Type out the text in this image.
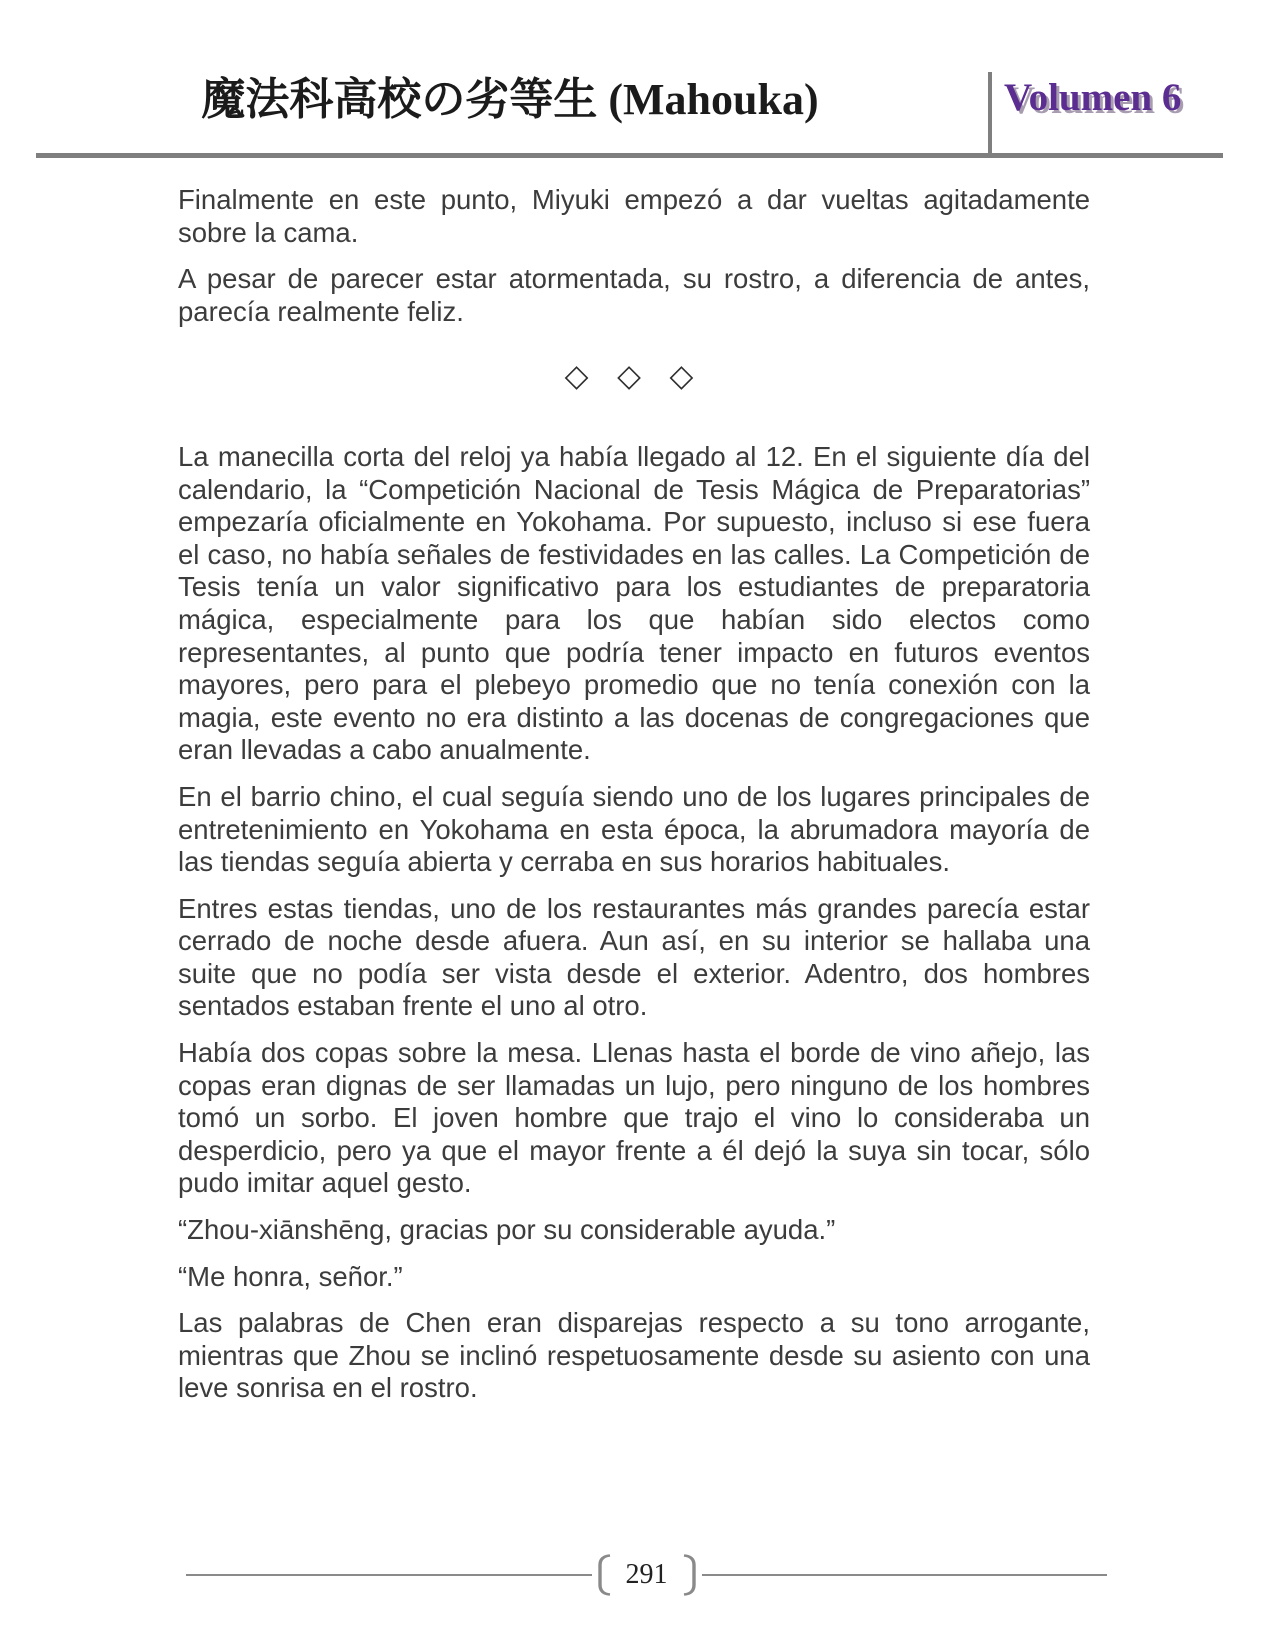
魔法科高校の劣等生 (Mahouka)	Volumen 6

Finalmente en este punto, Miyuki empezó a dar vueltas agitadamente sobre la cama.

A pesar de parecer estar atormentada, su rostro, a diferencia de antes, parecía realmente feliz.

◇ ◇ ◇

La manecilla corta del reloj ya había llegado al 12. En el siguiente día del calendario, la “Competición Nacional de Tesis Mágica de Preparatorias” empezaría oficialmente en Yokohama. Por supuesto, incluso si ese fuera el caso, no había señales de festividades en las calles. La Competición de Tesis tenía un valor significativo para los estudiantes de preparatoria mágica, especialmente para los que habían sido electos como representantes, al punto que podría tener impacto en futuros eventos mayores, pero para el plebeyo promedio que no tenía conexión con la magia, este evento no era distinto a las docenas de congregaciones que eran llevadas a cabo anualmente.

En el barrio chino, el cual seguía siendo uno de los lugares principales de entretenimiento en Yokohama en esta época, la abrumadora mayoría de las tiendas seguía abierta y cerraba en sus horarios habituales.

Entres estas tiendas, uno de los restaurantes más grandes parecía estar cerrado de noche desde afuera. Aun así, en su interior se hallaba una suite que no podía ser vista desde el exterior. Adentro, dos hombres sentados estaban frente el uno al otro.

Había dos copas sobre la mesa. Llenas hasta el borde de vino añejo, las copas eran dignas de ser llamadas un lujo, pero ninguno de los hombres tomó un sorbo. El joven hombre que trajo el vino lo consideraba un desperdicio, pero ya que el mayor frente a él dejó la suya sin tocar, sólo pudo imitar aquel gesto.

“Zhou-xiānshēng, gracias por su considerable ayuda.”

“Me honra, señor.”

Las palabras de Chen eran disparejas respecto a su tono arrogante, mientras que Zhou se inclinó respetuosamente desde su asiento con una leve sonrisa en el rostro.

291
